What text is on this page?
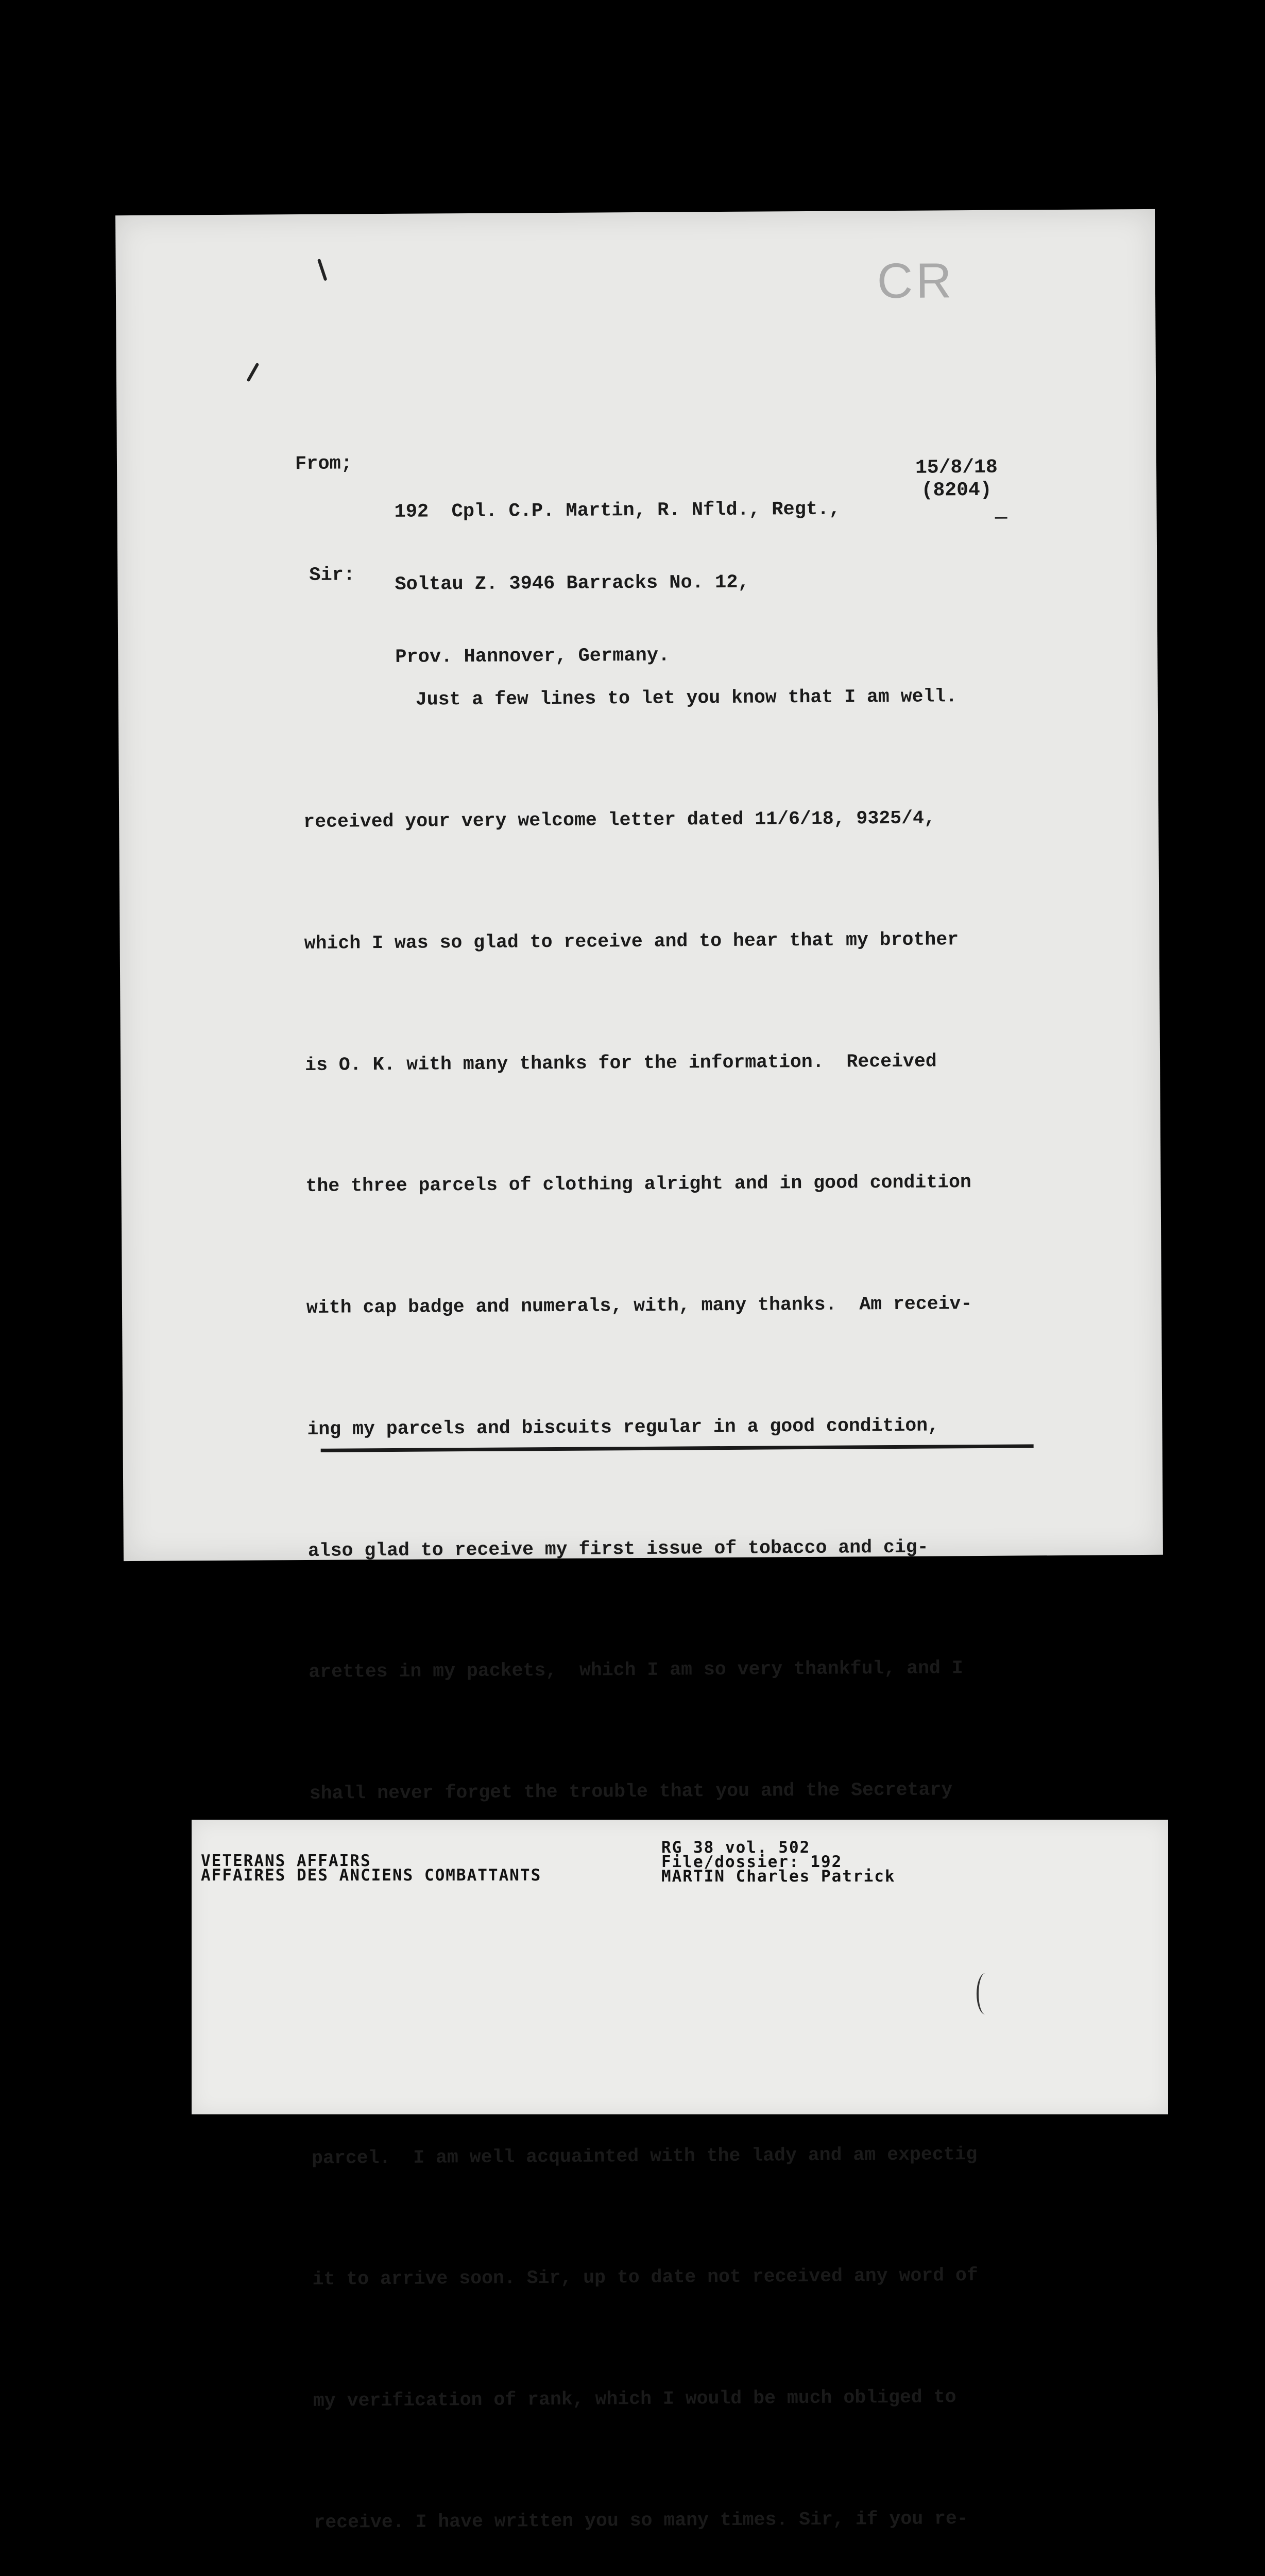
CR
From;

192  Cpl. C.P. Martin, R. Nfld., Regt.,

Soltau Z. 3946 Barracks No. 12,

Prov. Hannover, Germany.

15/8/18
(8204)
Sir:

Just a few lines to let you know that I am well.

received your very welcome letter dated 11/6/18, 9325/4,

which I was so glad to receive and to hear that my brother

is O. K. with many thanks for the information.  Received

the three parcels of clothing alright and in good condition

with cap badge and numerals, with, many thanks.  Am receiv-

ing my parcels and biscuits regular in a good condition,

also glad to receive my first issue of tobacco and cig-

arettes in my packets,  which I am so very thankful, and I

shall never forget the trouble that you and the Secretary

parcel.  I am well acquainted with the lady and am expectig

it to arrive soon. Sir, up to date not received any word of

my verification of rank, which I would be much obliged to

receive. I have written you so many times. Sir, if you re-

VETERANS AFFAIRS
AFFAIRES DES ANCIENS COMBATTANTS
RG 38 vol. 502
File/dossier: 192
MARTIN Charles Patrick
